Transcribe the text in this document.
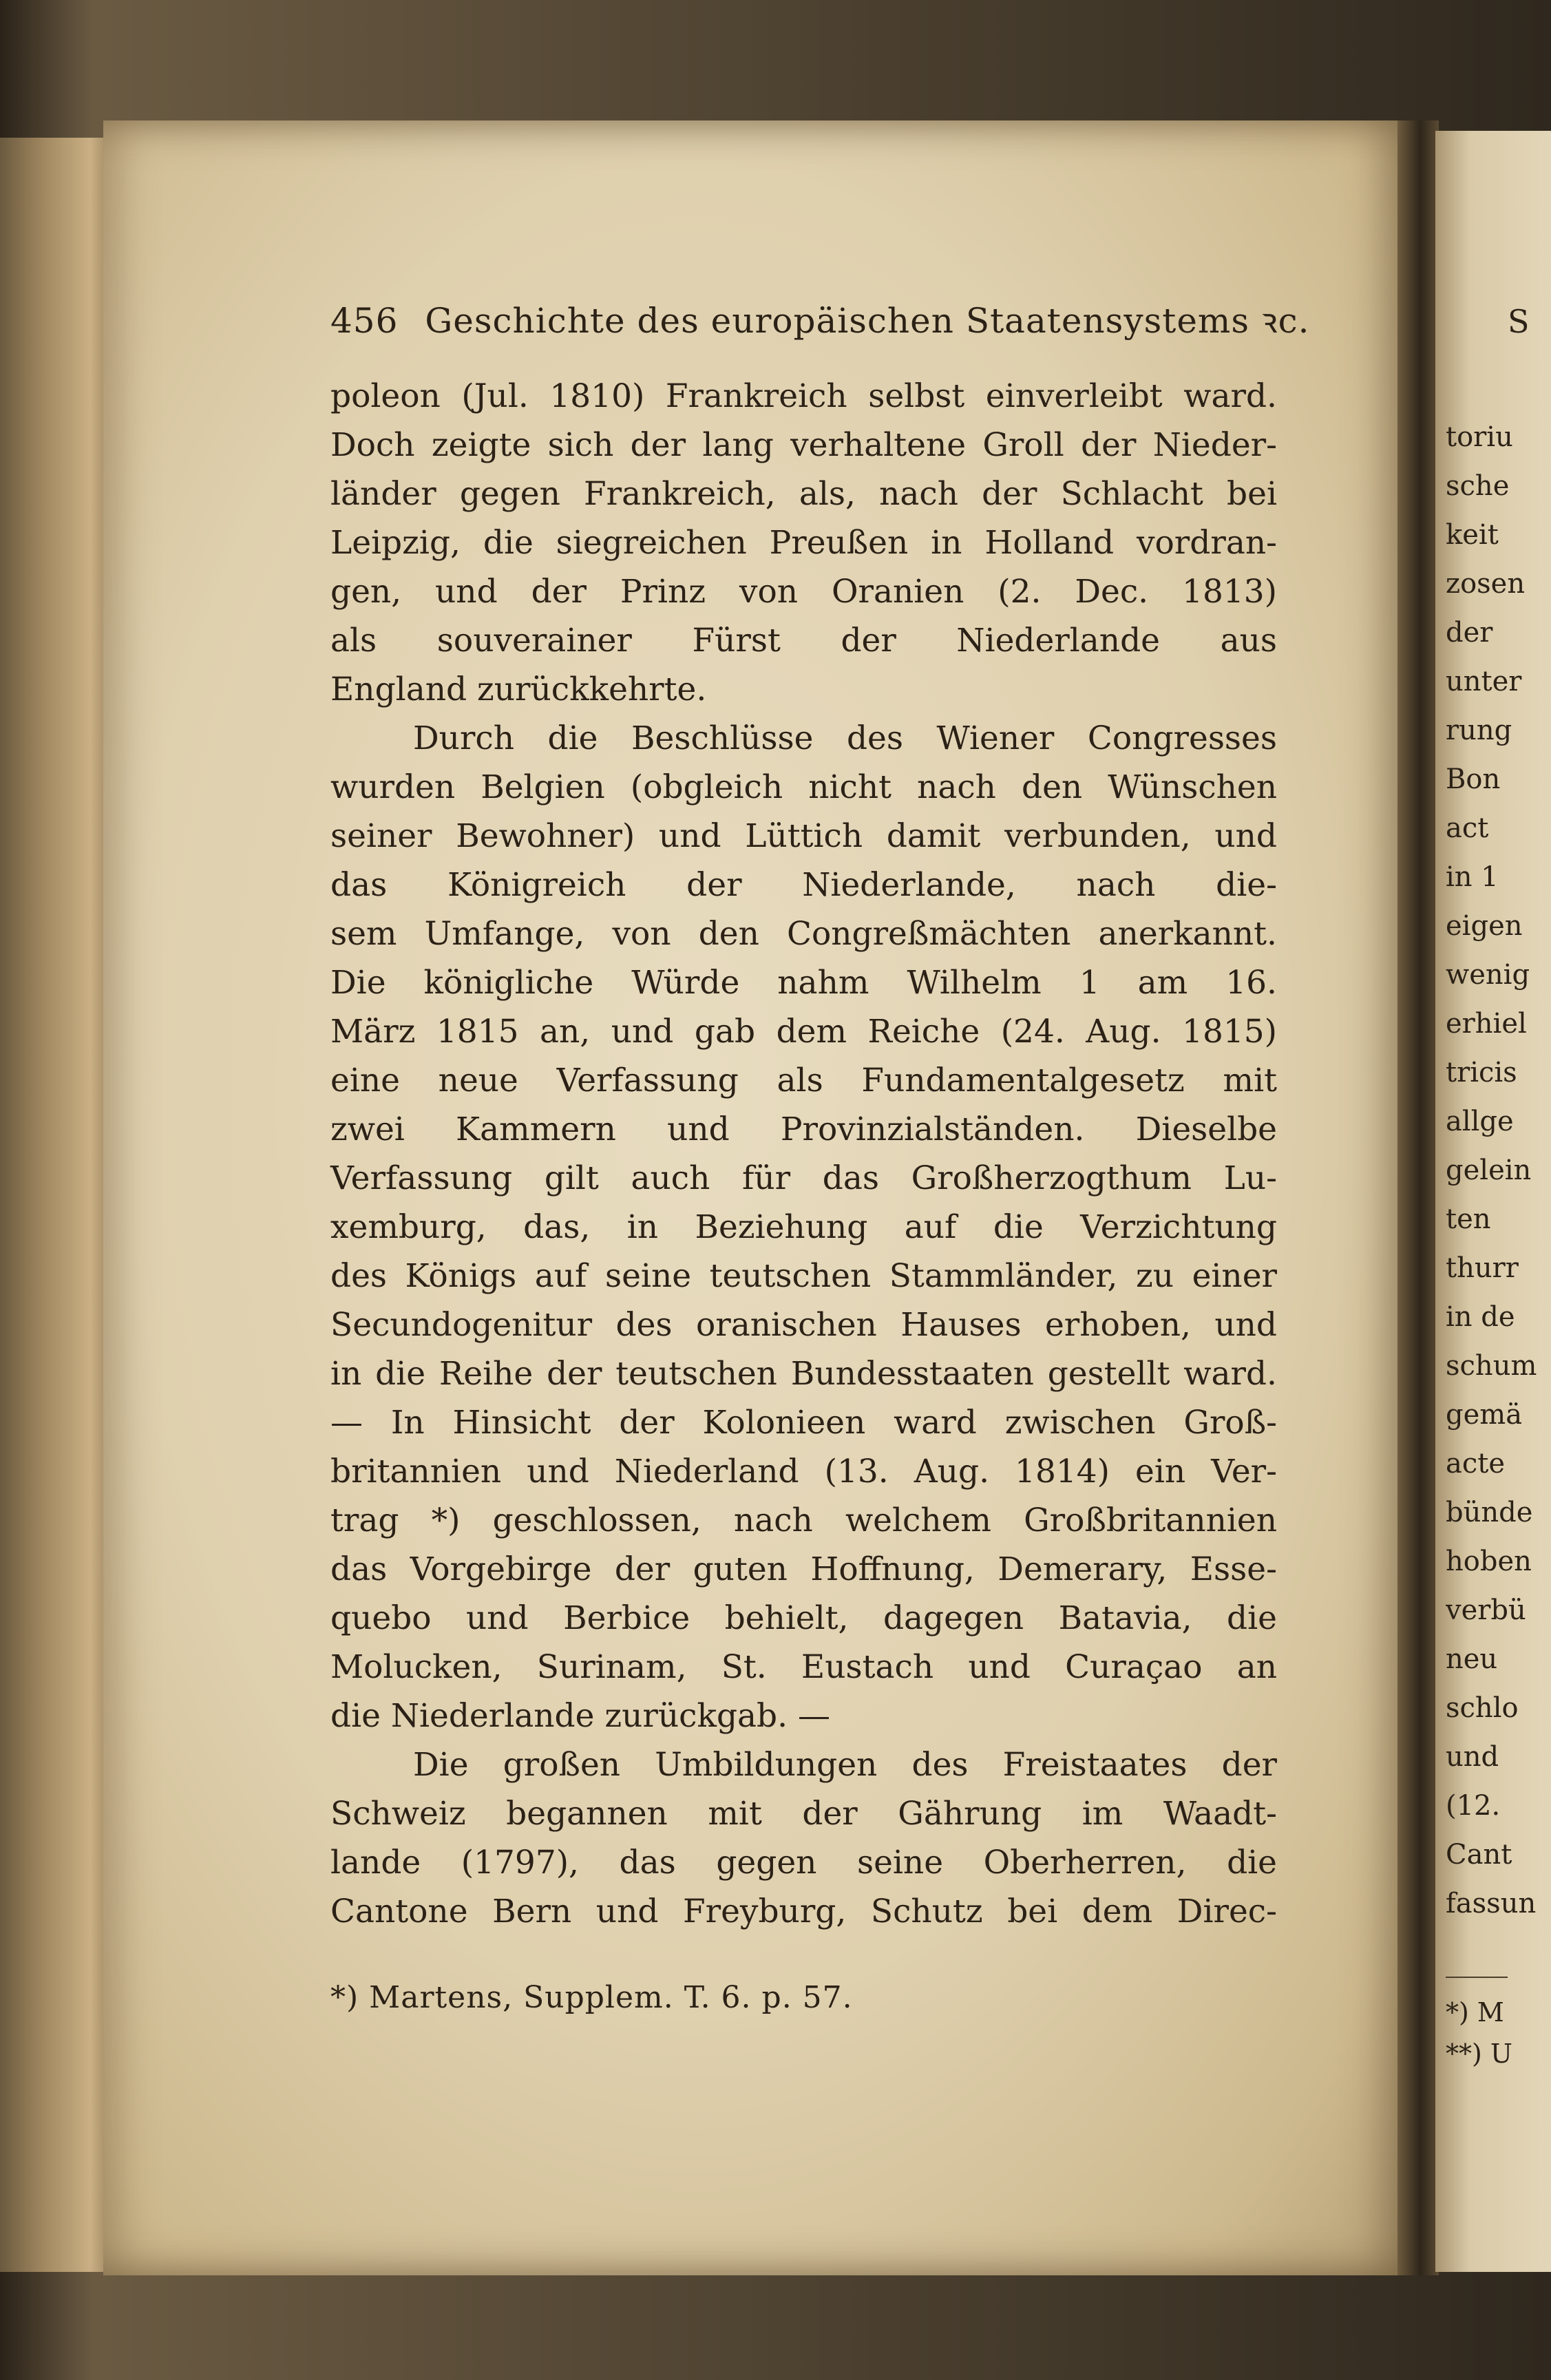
456 Geschichte des europäischen Staatensystems ꝛc.
poleon (Jul. 1810) Frankreich selbst einverleibt ward.
Doch zeigte sich der lang verhaltene Groll der Nieder-
länder gegen Frankreich, als, nach der Schlacht bei
Leipzig, die siegreichen Preußen in Holland vordran-
gen, und der Prinz von Oranien (2. Dec. 1813)
als souverainer Fürst der Niederlande aus
England zurückkehrte.
Durch die Beschlüsse des Wiener Congresses
wurden Belgien (obgleich nicht nach den Wünschen
seiner Bewohner) und Lüttich damit verbunden, und
das Königreich der Niederlande, nach die-
sem Umfange, von den Congreßmächten anerkannt.
Die königliche Würde nahm Wilhelm 1 am 16.
März 1815 an, und gab dem Reiche (24. Aug. 1815)
eine neue Verfassung als Fundamentalgesetz mit
zwei Kammern und Provinzialständen. Dieselbe
Verfassung gilt auch für das Großherzogthum Lu-
xemburg, das, in Beziehung auf die Verzichtung
des Königs auf seine teutschen Stammländer, zu einer
Secundogenitur des oranischen Hauses erhoben, und
in die Reihe der teutschen Bundesstaaten gestellt ward.
— In Hinsicht der Kolonieen ward zwischen Groß-
britannien und Niederland (13. Aug. 1814) ein Ver-
trag *) geschlossen, nach welchem Großbritannien
das Vorgebirge der guten Hoffnung, Demerary, Esse-
quebo und Berbice behielt, dagegen Batavia, die
Molucken, Surinam, St. Eustach und Curaçao an
die Niederlande zurückgab. —
Die großen Umbildungen des Freistaates der
Schweiz begannen mit der Gährung im Waadt-
lande (1797), das gegen seine Oberherren, die
Cantone Bern und Freyburg, Schutz bei dem Direc-
*) Martens, Supplem. T. 6. p. 57.
S
toriu
sche
keit
zosen
der
unter
rung
Bon
act
in 1
eigen
wenig
erhiel
tricis
allge
gelein
ten
thurr
in de
schum
gemä
acte
bünde
hoben
verbü
neu
schlo
und
(12.
Cant
fassun
*) M
**) U
